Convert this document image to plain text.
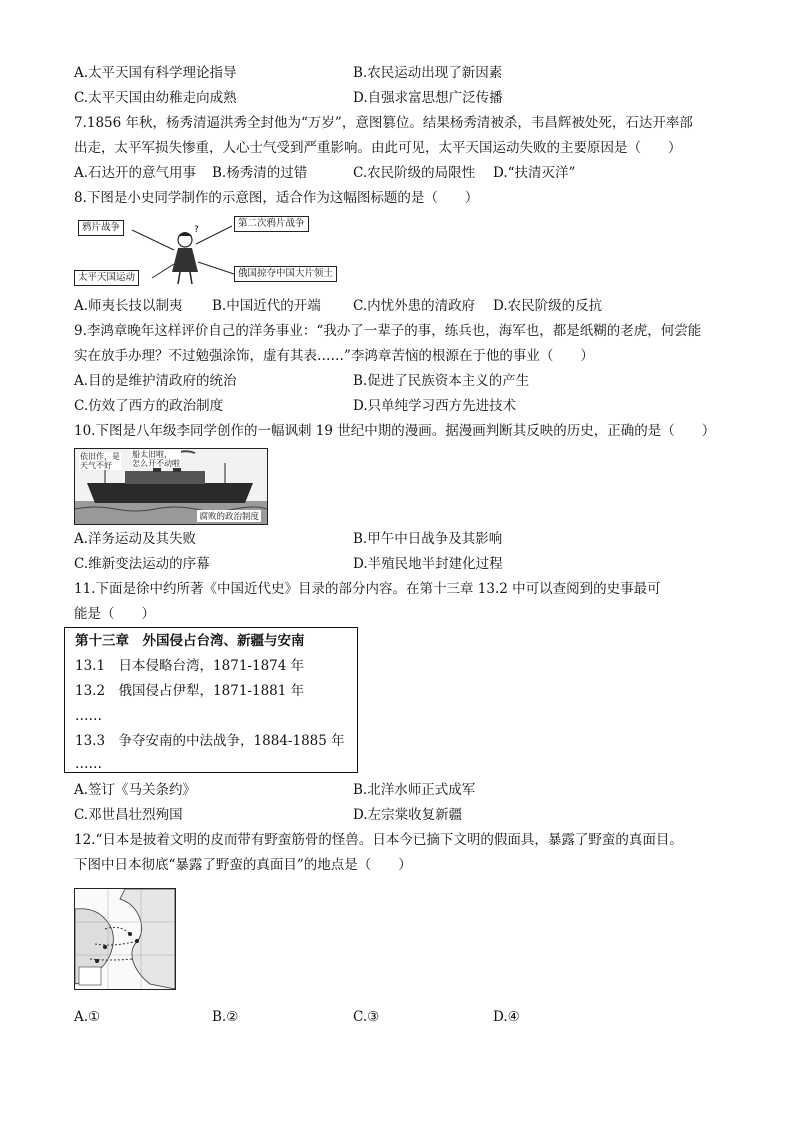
A.太平天国有科学理论指导	B.农民运动出现了新因素
C.太平天国由幼稚走向成熟	D.自强求富思想广泛传播
7.1856 年秋，杨秀清逼洪秀全封他为“万岁”，意图篡位。结果杨秀清被杀，韦昌辉被处死，石达开率部
出走，太平军损失惨重，人心士气受到严重影响。由此可见，太平天国运动失败的主要原因是（　　）
A.石达开的意气用事 B.杨秀清的过错	C.农民阶级的局限性 D.“扶清灭洋”
8.下图是小史同学制作的示意图，适合作为这幅图标题的是（　　）
?
鸦片战争	第二次鸦片战争
太平天国运动	俄国掠夺中国大片领土
A.师夷长技以制夷 B.中国近代的开端 C.内忧外患的清政府 D.农民阶级的反抗
9.李鸿章晚年这样评价自己的洋务事业：“我办了一辈子的事，练兵也，海军也，都是纸糊的老虎，何尝能
实在放手办理？不过勉强涂饰，虚有其表……”李鸿章苦恼的根源在于他的事业（　　）
A.目的是维护清政府的统治	B.促进了民族资本主义的产生
C.仿效了西方的政治制度	D.只单纯学习西方先进技术
10.下图是八年级李同学创作的一幅讽刺 19 世纪中期的漫画。据漫画判断其反映的历史，正确的是（　　）
依旧作，是
天气不好
船太旧啦，
怎么开不动啦
腐败的政治制度
A.洋务运动及其失败	B.甲午中日战争及其影响
C.维新变法运动的序幕	D.半殖民地半封建化过程
11.下面是徐中约所著《中国近代史》目录的部分内容。在第十三章 13.2 中可以查阅到的史事最可
能是（　　）
第十三章　外国侵占台湾、新疆与安南
13.1　日本侵略台湾，1871-1874 年
13.2　俄国侵占伊犁，1871-1881 年
……
13.3　争夺安南的中法战争，1884-1885 年
……
A.签订《马关条约》	B.北洋水师正式成军
C.邓世昌壮烈殉国	D.左宗棠收复新疆
12.“日本是披着文明的皮而带有野蛮筋骨的怪兽。日本今已摘下文明的假面具，暴露了野蛮的真面目。
下图中日本彻底“暴露了野蛮的真面目”的地点是（　　）
A.①	B.②	C.③	D.④
